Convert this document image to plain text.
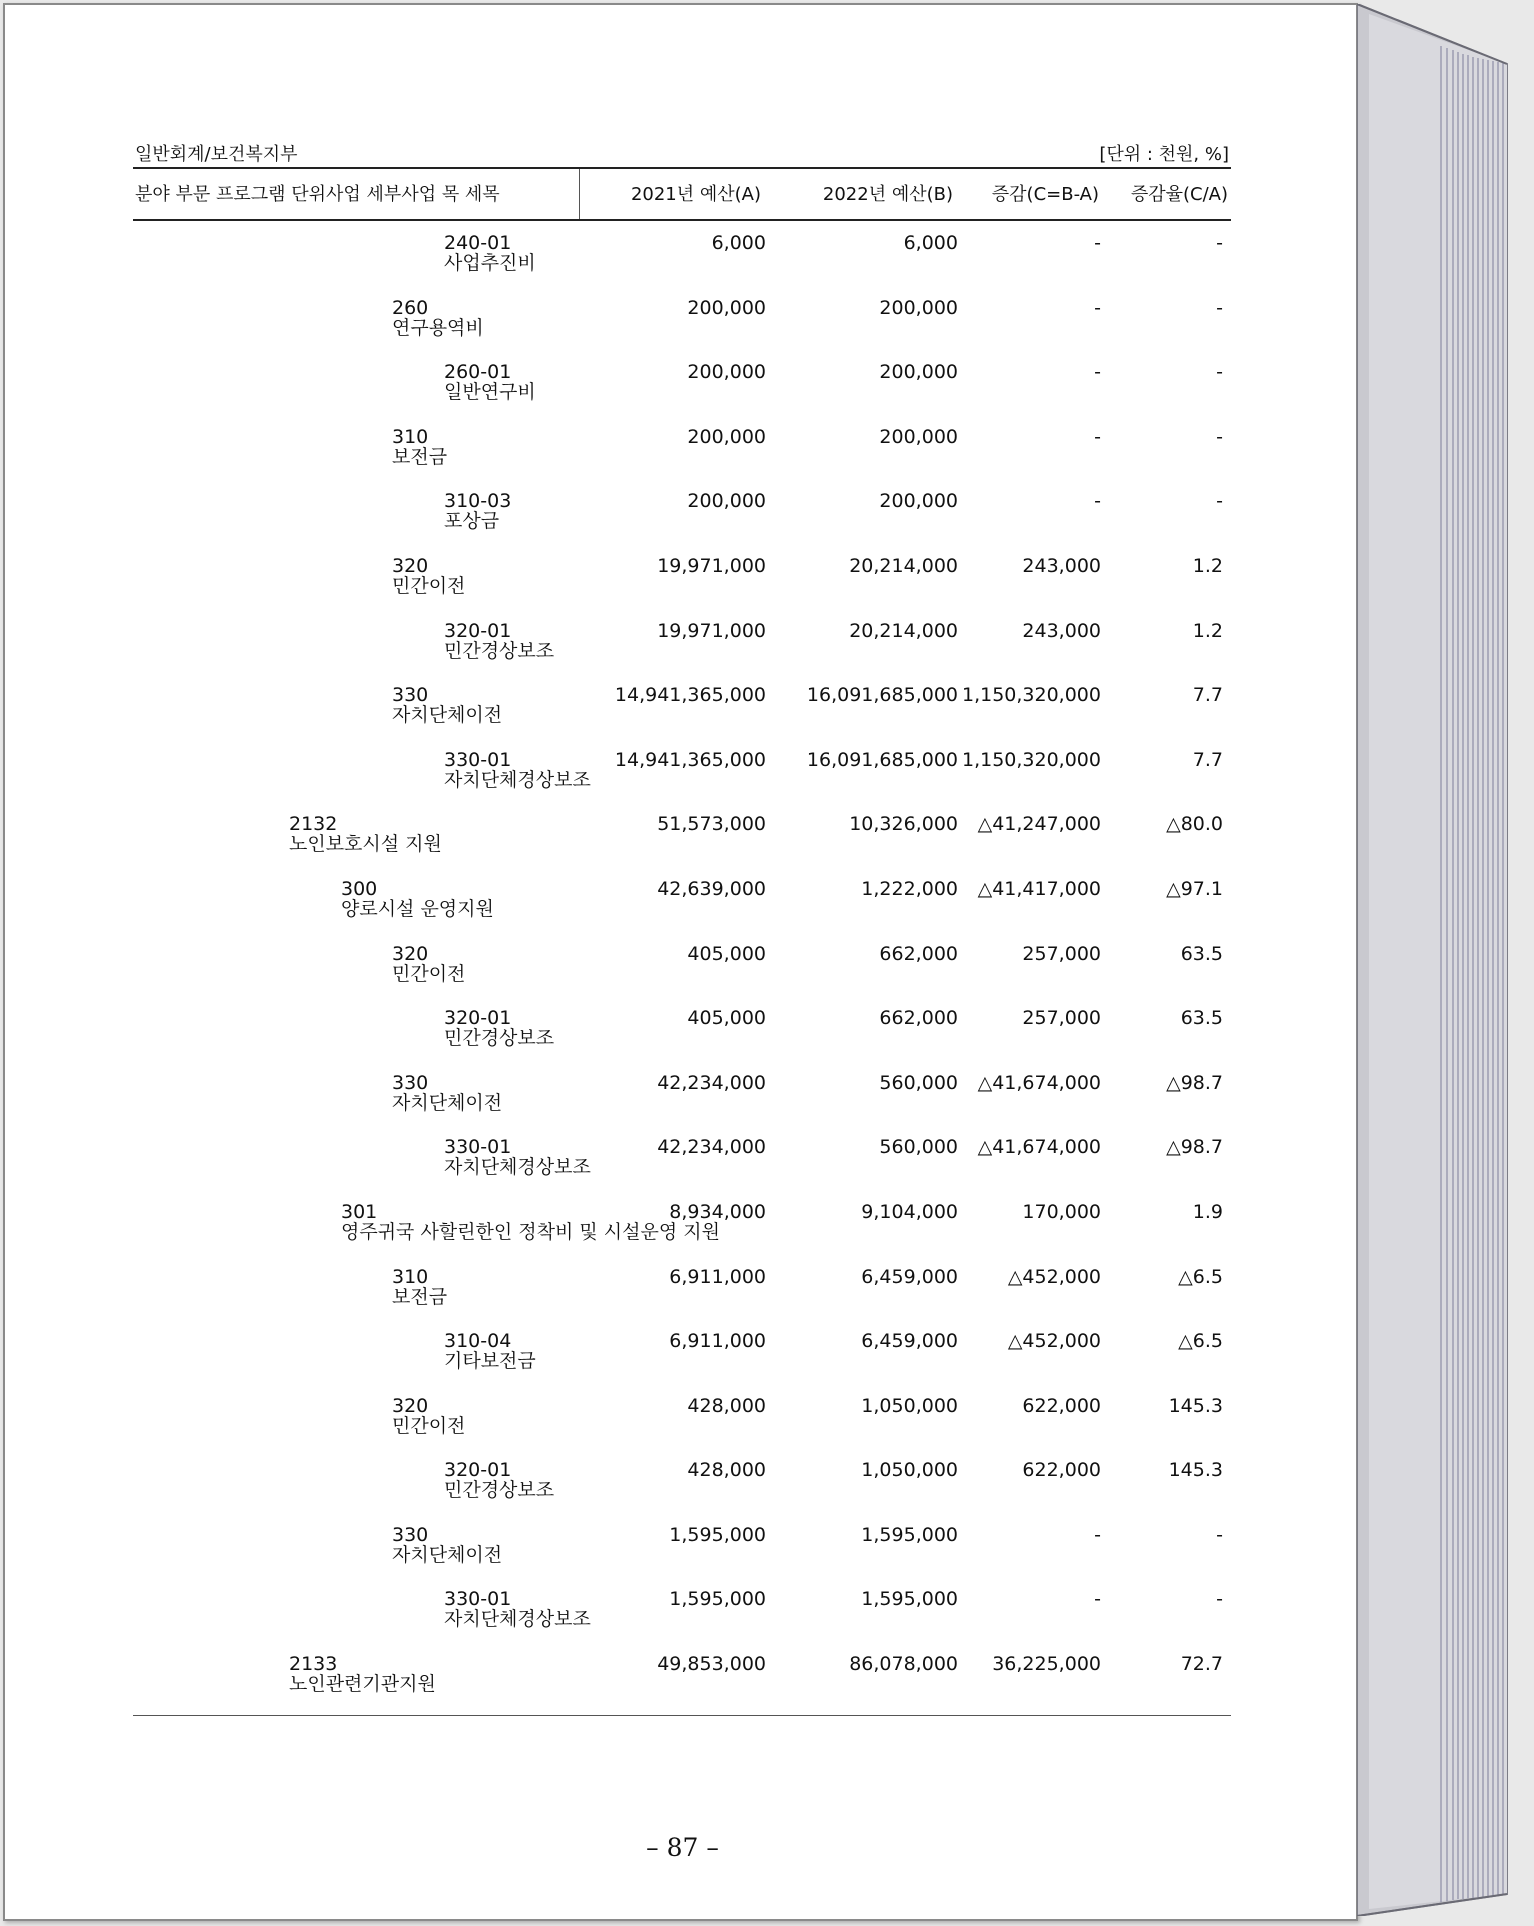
일반회계/보건복지부	[단위 : 천원, %]
분야 부문 프로그램 단위사업 세부사업 목 세목	2021년 예산(A)	2022년 예산(B) 증감(C=B-A) 증감율(C/A)
240-01
사업추진비
6,000	6,000	-	-
260
연구용역비
200,000	200,000	-	-
260-01
일반연구비
200,000	200,000	-	-
310
보전금
200,000	200,000	-	-
310-03
포상금
200,000	200,000	-	-
320
민간이전
19,971,000	20,214,000	243,000	1.2
320-01
민간경상보조
19,971,000	20,214,000	243,000	1.2
330
자치단체이전
14,941,365,000 16,091,685,000 1,150,320,000	7.7
330-01
자치단체경상보조
14,941,365,000 16,091,685,000 1,150,320,000	7.7
2132
노인보호시설 지원
51,573,000	10,326,000 △41,247,000	△80.0
300
양로시설 운영지원
42,639,000	1,222,000 △41,417,000	△97.1
320
민간이전
405,000	662,000	257,000	63.5
320-01
민간경상보조
405,000	662,000	257,000	63.5
330
자치단체이전
42,234,000	560,000 △41,674,000	△98.7
330-01
자치단체경상보조
42,234,000	560,000 △41,674,000	△98.7
301
영주귀국 사할린한인 정착비 및 시설운영 지원
8,934,000	9,104,000	170,000	1.9
310
보전금
6,911,000	6,459,000	△452,000	△6.5
310-04
기타보전금
6,911,000	6,459,000	△452,000	△6.5
320
민간이전
428,000	1,050,000	622,000	145.3
320-01
민간경상보조
428,000	1,050,000	622,000	145.3
330
자치단체이전
1,595,000	1,595,000	-	-
330-01
자치단체경상보조
1,595,000	1,595,000	-	-
2133
노인관련기관지원
49,853,000	86,078,000 36,225,000	72.7
– 87 –
